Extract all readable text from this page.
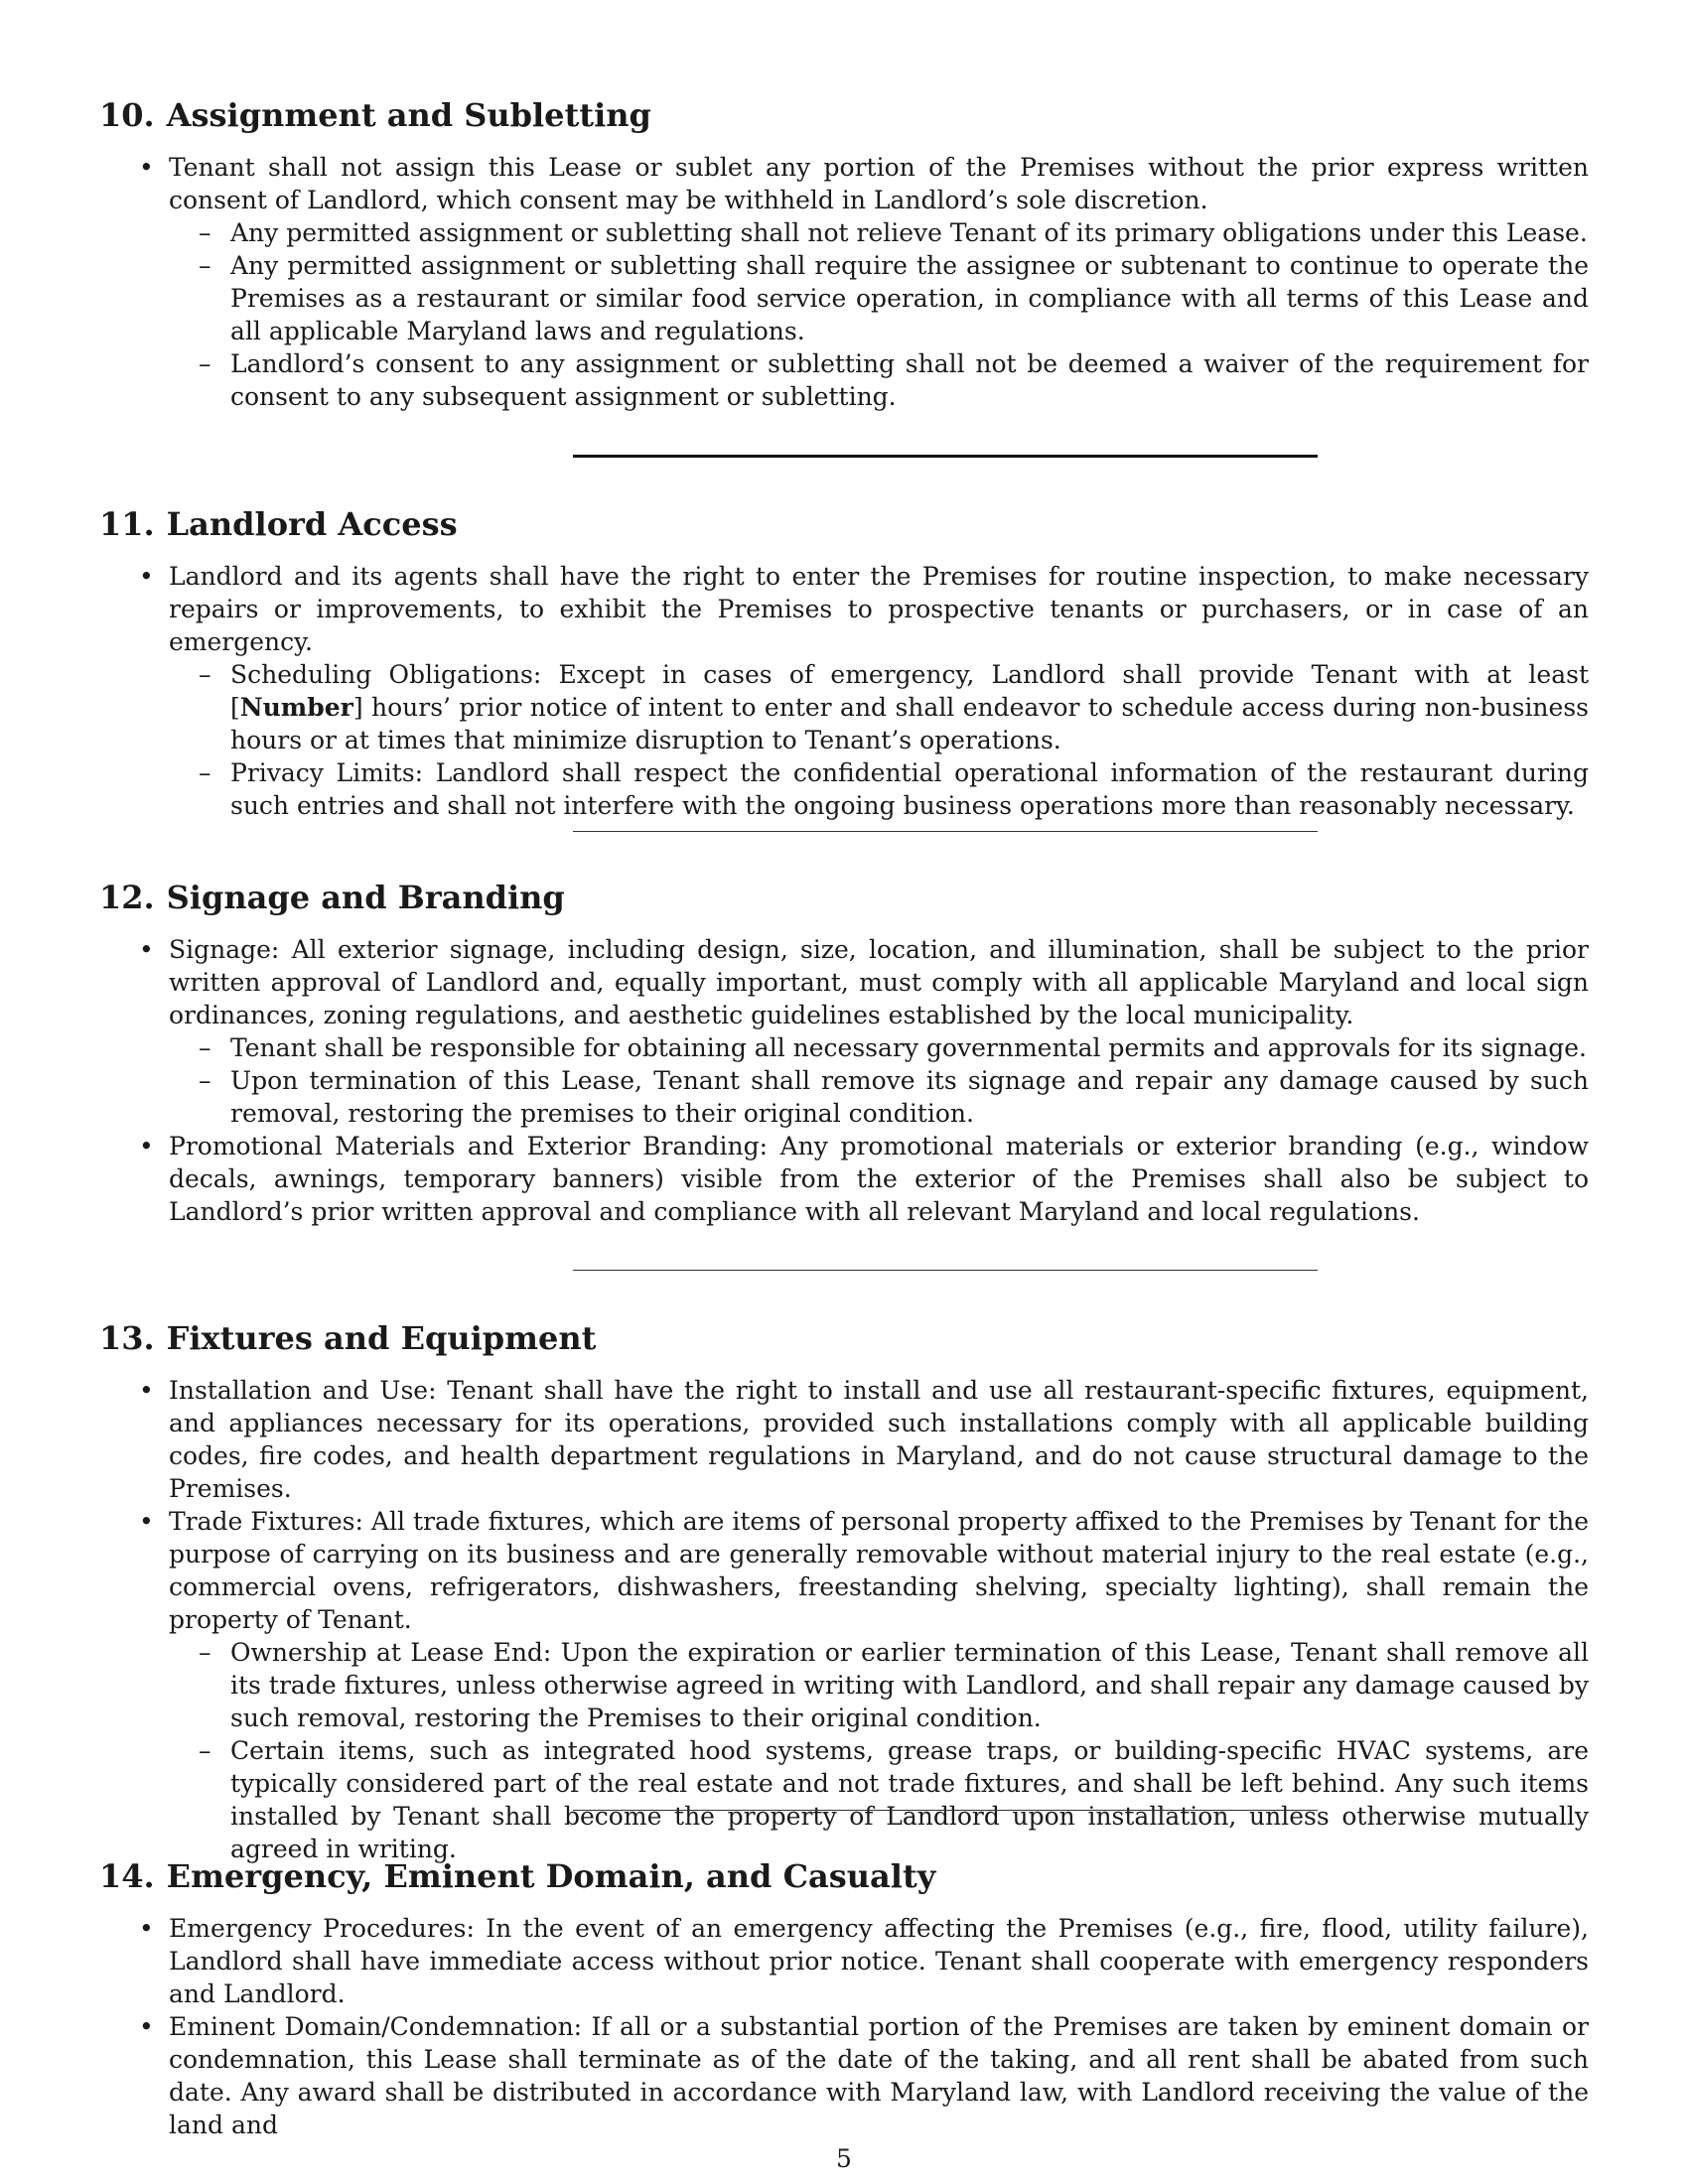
10. Assignment and Subletting
• Tenant shall not assign this Lease or sublet any portion of the Premises without the prior express written consent of Landlord, which consent may be withheld in Landlord’s sole discretion.
– Any permitted assignment or subletting shall not relieve Tenant of its primary obligations under this Lease.
– Any permitted assignment or subletting shall require the assignee or subtenant to continue to operate the Premises as a restaurant or similar food service operation, in compliance with all terms of this Lease and all applicable Maryland laws and regulations.
– Landlord’s consent to any assignment or subletting shall not be deemed a waiver of the requirement for consent to any subsequent assignment or subletting.
11. Landlord Access
• Landlord and its agents shall have the right to enter the Premises for routine inspection, to make necessary repairs or improvements, to exhibit the Premises to prospective tenants or purchasers, or in case of an emergency.
– Scheduling Obligations: Except in cases of emergency, Landlord shall provide Tenant with at least [Number] hours’ prior notice of intent to enter and shall endeavor to schedule access during non-business hours or at times that minimize disruption to Tenant’s operations.
– Privacy Limits: Landlord shall respect the confidential operational information of the restaurant during such entries and shall not interfere with the ongoing business operations more than reasonably necessary.
12. Signage and Branding
• Signage: All exterior signage, including design, size, location, and illumination, shall be subject to the prior written approval of Landlord and, equally important, must comply with all applicable Maryland and local sign ordinances, zoning regulations, and aesthetic guidelines established by the local municipality.
– Tenant shall be responsible for obtaining all necessary governmental permits and approvals for its signage.
– Upon termination of this Lease, Tenant shall remove its signage and repair any damage caused by such removal, restoring the premises to their original condition.
• Promotional Materials and Exterior Branding: Any promotional materials or exterior branding (e.g., window decals, awnings, temporary banners) visible from the exterior of the Premises shall also be subject to Landlord’s prior written approval and compliance with all relevant Maryland and local regulations.
13. Fixtures and Equipment
• Installation and Use: Tenant shall have the right to install and use all restaurant-specific fixtures, equipment, and appliances necessary for its operations, provided such installations comply with all applicable building codes, fire codes, and health department regulations in Maryland, and do not cause structural damage to the Premises.
• Trade Fixtures: All trade fixtures, which are items of personal property affixed to the Premises by Tenant for the purpose of carrying on its business and are generally removable without material injury to the real estate (e.g., commercial ovens, refrigerators, dishwashers, freestanding shelving, specialty lighting), shall remain the property of Tenant.
– Ownership at Lease End: Upon the expiration or earlier termination of this Lease, Tenant shall remove all its trade fixtures, unless otherwise agreed in writing with Landlord, and shall repair any damage caused by such removal, restoring the Premises to their original condition.
– Certain items, such as integrated hood systems, grease traps, or building-specific HVAC systems, are typically considered part of the real estate and not trade fixtures, and shall be left behind. Any such items installed by Tenant shall become the property of Landlord upon installation, unless otherwise mutually agreed in writing.
14. Emergency, Eminent Domain, and Casualty
• Emergency Procedures: In the event of an emergency affecting the Premises (e.g., fire, flood, utility failure), Landlord shall have immediate access without prior notice. Tenant shall cooperate with emergency responders and Landlord.
• Eminent Domain/Condemnation: If all or a substantial portion of the Premises are taken by eminent domain or condemnation, this Lease shall terminate as of the date of the taking, and all rent shall be abated from such date. Any award shall be distributed in accordance with Maryland law, with Landlord receiving the value of the land and
5
